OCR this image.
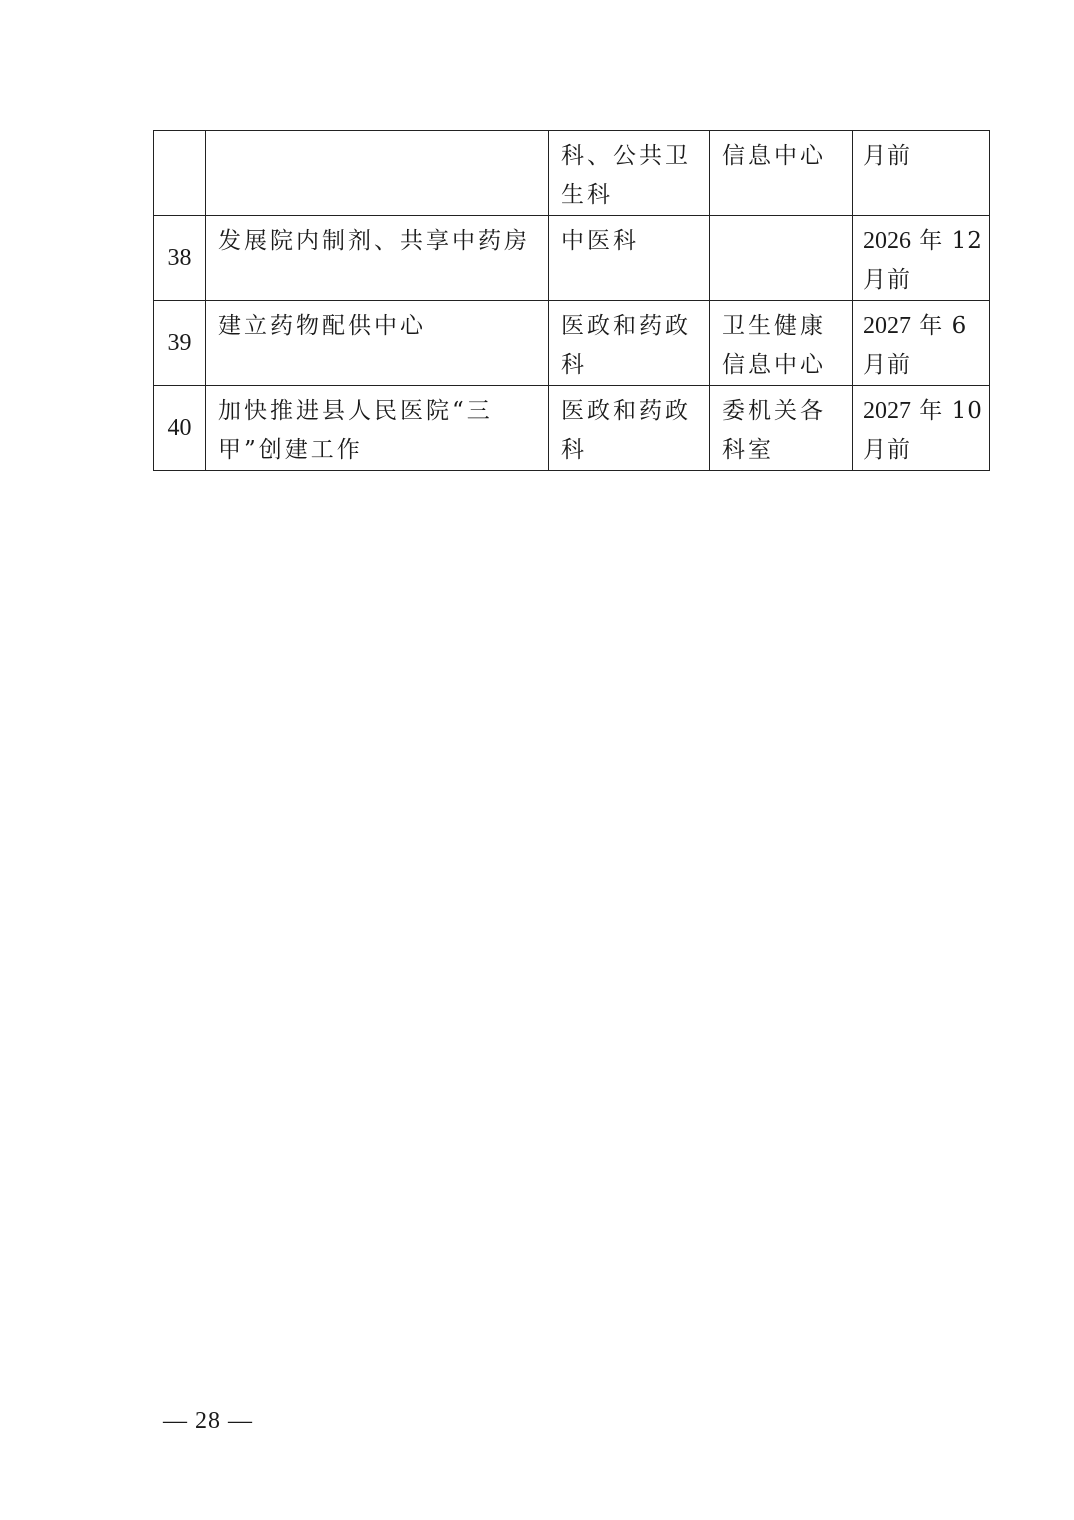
		科、公共卫生科	信息中心	月前
38	发展院内制剂、共享中药房	中医科		2026 年 12 月前
39	建立药物配供中心	医政和药政科	卫生健康信息中心	2027 年 6 月前
40	加快推进县人民医院“三甲”创建工作	医政和药政科	委机关各科室	2027 年 10 月前
— 28 —
